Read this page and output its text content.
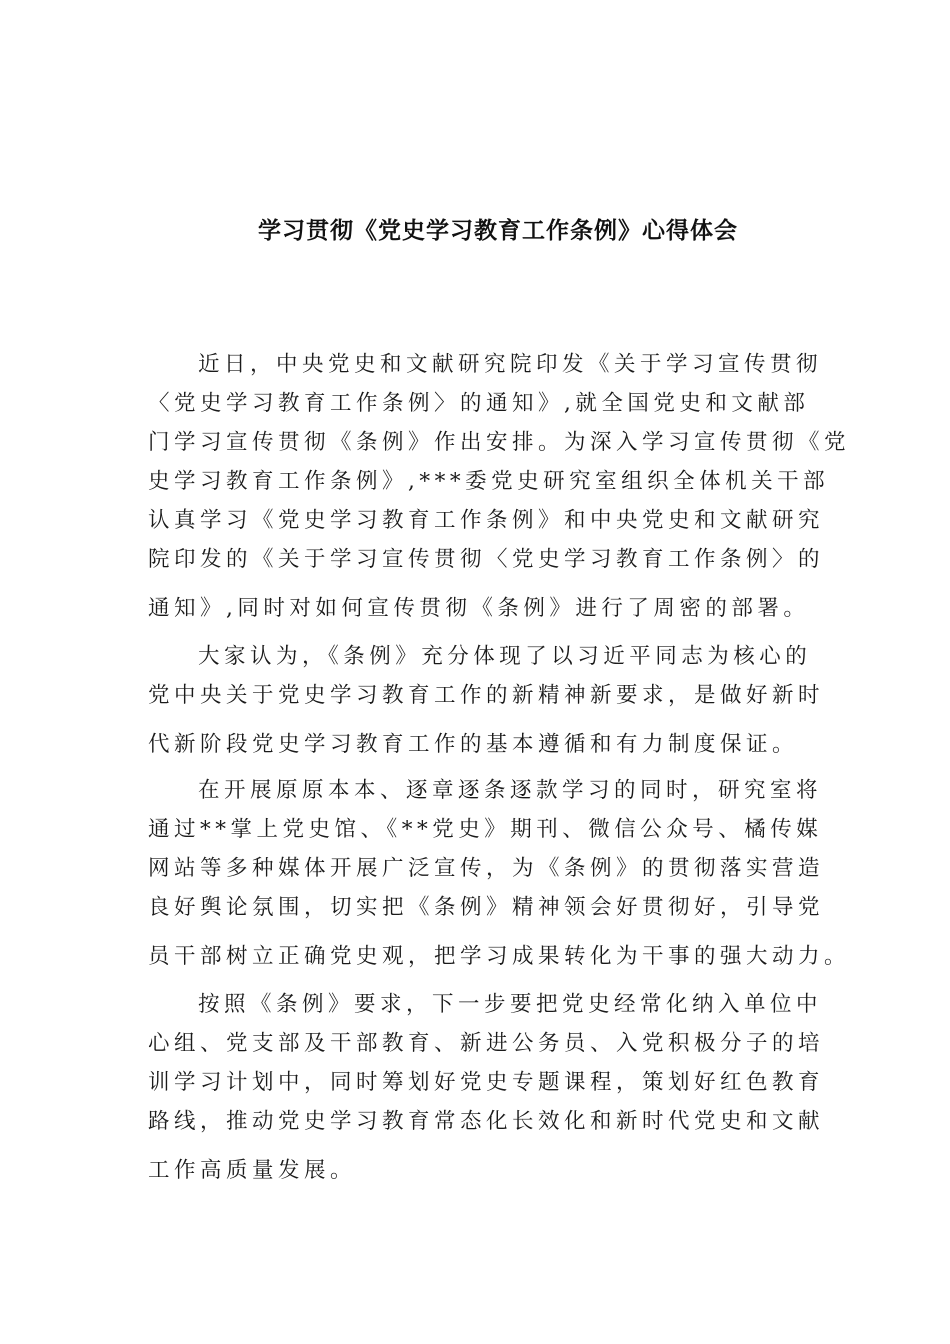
学习贯彻《党史学习教育工作条例》心得体会
近日，中央党史和文献研究院印发《关于学习宣传贯彻
〈党史学习教育工作条例〉的通知》,就全国党史和文献部
门学习宣传贯彻《条例》作出安排。为深入学习宣传贯彻《党
史学习教育工作条例》,***委党史研究室组织全体机关干部
认真学习《党史学习教育工作条例》和中央党史和文献研究
院印发的《关于学习宣传贯彻〈党史学习教育工作条例〉的
通知》,同时对如何宣传贯彻《条例》进行了周密的部署。
大家认为，《条例》充分体现了以习近平同志为核心的
党中央关于党史学习教育工作的新精神新要求，是做好新时
代新阶段党史学习教育工作的基本遵循和有力制度保证。
在开展原原本本、逐章逐条逐款学习的同时，研究室将
通过**掌上党史馆、《**党史》期刊、微信公众号、橘传媒
网站等多种媒体开展广泛宣传，为《条例》的贯彻落实营造
良好舆论氛围，切实把《条例》精神领会好贯彻好，引导党
员干部树立正确党史观，把学习成果转化为干事的强大动力。
按照《条例》要求，下一步要把党史经常化纳入单位中
心组、党支部及干部教育、新进公务员、入党积极分子的培
训学习计划中，同时筹划好党史专题课程，策划好红色教育
路线，推动党史学习教育常态化长效化和新时代党史和文献
工作高质量发展。
